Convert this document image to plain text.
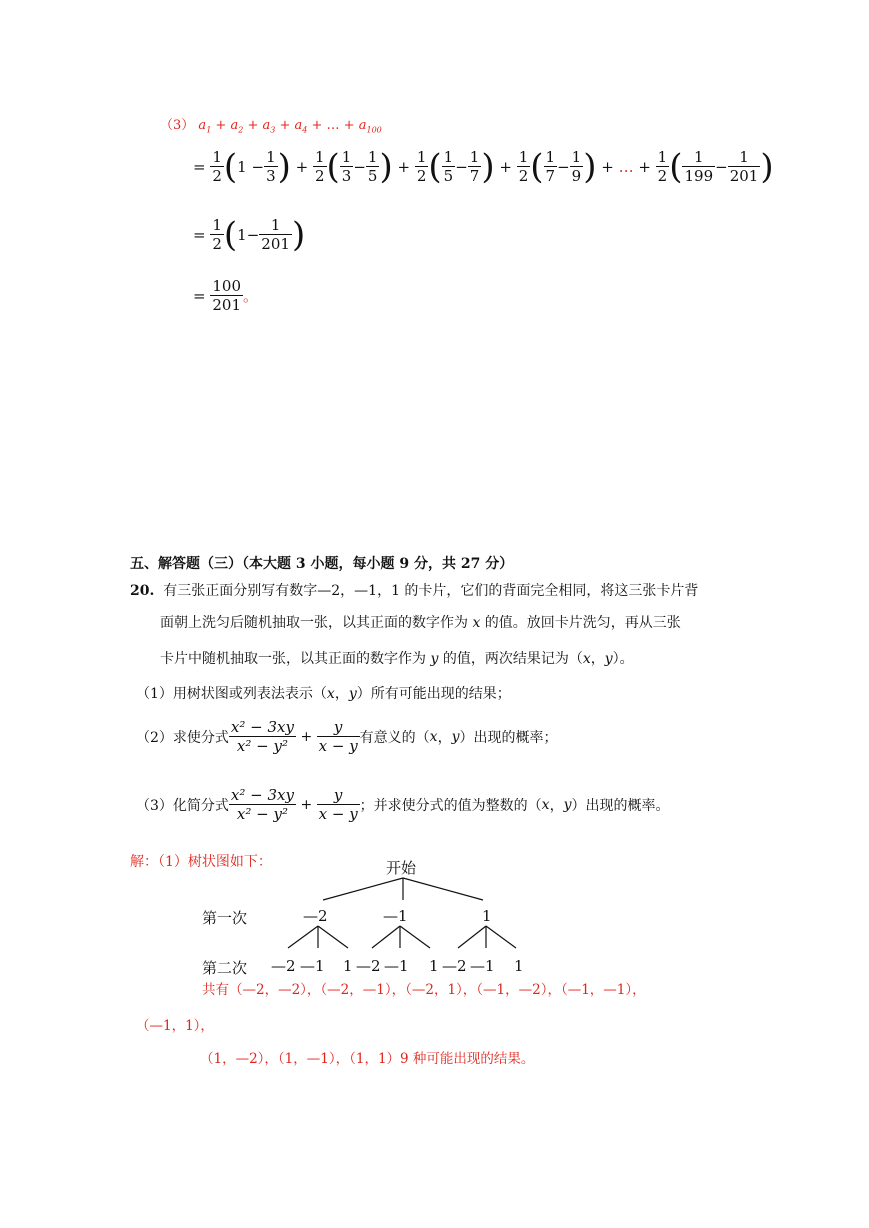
（3） $a_1 + a_2 + a_3 + a_4$ + … + $a_{100}$
=
$\frac{1}{2}$ ( $1 - \frac{1}{3}$ ) + $\frac{1}{2}$ ( $\frac{1}{3} - \frac{1}{5}$ ) + $\frac{1}{2}$ ( $\frac{1}{5} - \frac{1}{7}$ ) + $\frac{1}{2}$ ( $\frac{1}{7} - \frac{1}{9}$ ) + … + $\frac{1}{2}$ ( $\frac{1}{199} - \frac{1}{201}$ )
=
$\frac{1}{2}$ ( $1 - \frac{1}{201}$ )
=
$\frac{100}{201}$ 。
五、解答题（三）（本大题 3 小题，每小题 9 分，共 27 分）
20. 有三张正面分别写有数字—2，—1，1 的卡片，它们的背面完全相同，将这三张卡片背
面朝上洗匀后随机抽取一张，以其正面的数字作为 x 的值。放回卡片洗匀，再从三张
卡片中随机抽取一张，以其正面的数字作为 y 的值，两次结果记为（x，y）。
（1）用树状图或列表法表示（x，y）所有可能出现的结果；
（2）求使分式 $\frac{\text{x² − 3xy}}{\text{x² − y²}} + \frac{y}{x - y}$ 有意义的（ x ， y ）出现的概率；
（3）化简分式 $\frac{\text{x² − 3xy}}{\text{x² − y²}} + \frac{y}{x - y}$ ；并求使分式的值为整数的（ x ， y ）出现的概率。
解：（1）树状图如下：	开始
第一次	—2	—1	1
第二次 —2 —1 1 —2 —1 1 —2 —1 1
共有（—2，—2），（—2，—1），（—2，1），（—1，—2），（—1，—1），
（—1，1），
（1，—2），（1，—1），（1，1）9 种可能出现的结果。
